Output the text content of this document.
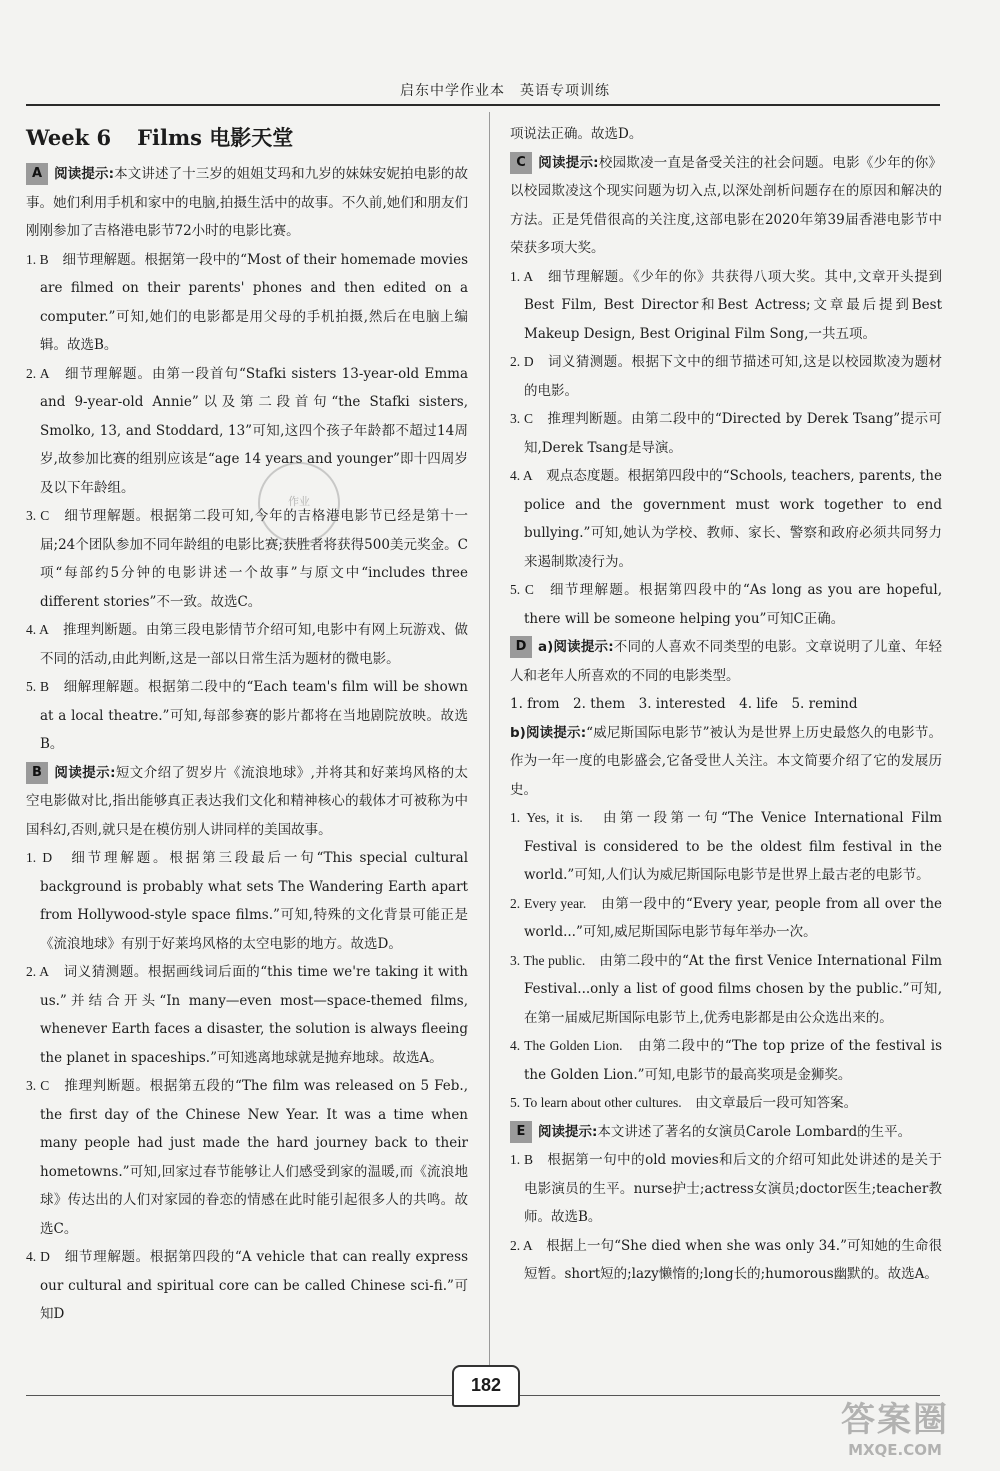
启东中学作业本　英语专项训练
Week 6 Films 电影天堂
A 阅读提示:本文讲述了十三岁的姐姐艾玛和九岁的妹妹安妮拍电影的故事。她们利用手机和家中的电脑,拍摄生活中的故事。不久前,她们和朋友们刚刚参加了吉格港电影节72小时的电影比赛。
1. B　 细节理解题。根据第一段中的“Most of their homemade movies are filmed on their parents' phones and then edited on a computer.”可知,她们的电影都是用父母的手机拍摄,然后在电脑上编辑。故选B。
2. A　 细节理解题。由第一段首句“Stafki sisters 13-year-old Emma and 9-year-old Annie”以及第二段首句“the Stafki sisters, Smolko, 13, and Stoddard, 13”可知,这四个孩子年龄都不超过14周岁,故参加比赛的组别应该是“age 14 years and younger”即十四周岁及以下年龄组。
3. C　 细节理解题。根据第二段可知,今年的吉格港电影节已经是第十一届;24个团队参加不同年龄组的电影比赛;获胜者将获得500美元奖金。C项“每部约5分钟的电影讲述一个故事”与原文中“includes three different stories”不一致。故选C。
4. A　 推理判断题。由第三段电影情节介绍可知,电影中有网上玩游戏、做不同的活动,由此判断,这是一部以日常生活为题材的微电影。
5. B　 细解理解题。根据第二段中的“Each team's film will be shown at a local theatre.”可知,每部参赛的影片都将在当地剧院放映。故选B。
B 阅读提示:短文介绍了贺岁片《流浪地球》,并将其和好莱坞风格的太空电影做对比,指出能够真正表达我们文化和精神核心的载体才可被称为中国科幻,否则,就只是在模仿别人讲同样的美国故事。
1. D　 细节理解题。根据第三段最后一句“This special cultural background is probably what sets The Wandering Earth apart from Hollywood-style space films.”可知,特殊的文化背景可能正是《流浪地球》有别于好莱坞风格的太空电影的地方。故选D。
2. A　 词义猜测题。根据画线词后面的“this time we're taking it with us.”并结合开头“In many—even most—space-themed films, whenever Earth faces a disaster, the solution is always fleeing the planet in spaceships.”可知逃离地球就是抛弃地球。故选A。
3. C　 推理判断题。根据第五段的“The film was released on 5 Feb., the first day of the Chinese New Year. It was a time when many people had just made the hard journey back to their hometowns.”可知,回家过春节能够让人们感受到家的温暖,而《流浪地球》传达出的人们对家园的眷恋的情感在此时能引起很多人的共鸣。故选C。
4. D　 细节理解题。根据第四段的“A vehicle that can really express our cultural and spiritual core can be called Chinese sci-fi.”可知D
项说法正确。故选D。
C 阅读提示:校园欺凌一直是备受关注的社会问题。电影《少年的你》以校园欺凌这个现实问题为切入点,以深处剖析问题存在的原因和解决的方法。正是凭借很高的关注度,这部电影在2020年第39届香港电影节中荣获多项大奖。
1. A　 细节理解题。《少年的你》共获得八项大奖。其中,文章开头提到Best Film, Best Director和Best Actress;文章最后提到Best Makeup Design, Best Original Film Song,一共五项。
2. D　 词义猜测题。根据下文中的细节描述可知,这是以校园欺凌为题材的电影。
3. C　 推理判断题。由第二段中的“Directed by Derek Tsang”提示可知,Derek Tsang是导演。
4. A　 观点态度题。根据第四段中的“Schools, teachers, parents, the police and the government must work together to end bullying.”可知,她认为学校、教师、家长、警察和政府必须共同努力来遏制欺凌行为。
5. C　 细节理解题。根据第四段中的“As long as you are hopeful, there will be someone helping you”可知C正确。
D a)阅读提示:不同的人喜欢不同类型的电影。文章说明了儿童、年轻人和老年人所喜欢的不同的电影类型。
1. from　2. them　3. interested　4. life　5. remind
b)阅读提示:“威尼斯国际电影节”被认为是世界上历史最悠久的电影节。作为一年一度的电影盛会,它备受世人关注。本文简要介绍了它的发展历史。
1. Yes, it is.　 由第一段第一句“The Venice International Film Festival is considered to be the oldest film festival in the world.”可知,人们认为威尼斯国际电影节是世界上最古老的电影节。
2. Every year.　 由第一段中的“Every year, people from all over the world...”可知,威尼斯国际电影节每年举办一次。
3. The public.　 由第二段中的“At the first Venice International Film Festival...only a list of good films chosen by the public.”可知,在第一届威尼斯国际电影节上,优秀电影都是由公众选出来的。
4. The Golden Lion.　 由第二段中的“The top prize of the festival is the Golden Lion.”可知,电影节的最高奖项是金狮奖。
5. To learn about other cultures.　 由文章最后一段可知答案。
E 阅读提示:本文讲述了著名的女演员Carole Lombard的生平。
1. B　 根据第一句中的old movies和后文的介绍可知此处讲述的是关于电影演员的生平。nurse护士;actress女演员;doctor医生;teacher教师。故选B。
2. A　 根据上一句“She died when she was only 34.”可知她的生命很短暂。short短的;lazy懒惰的;long长的;humorous幽默的。故选A。
作业
182
答案圈
MXQE.COM
